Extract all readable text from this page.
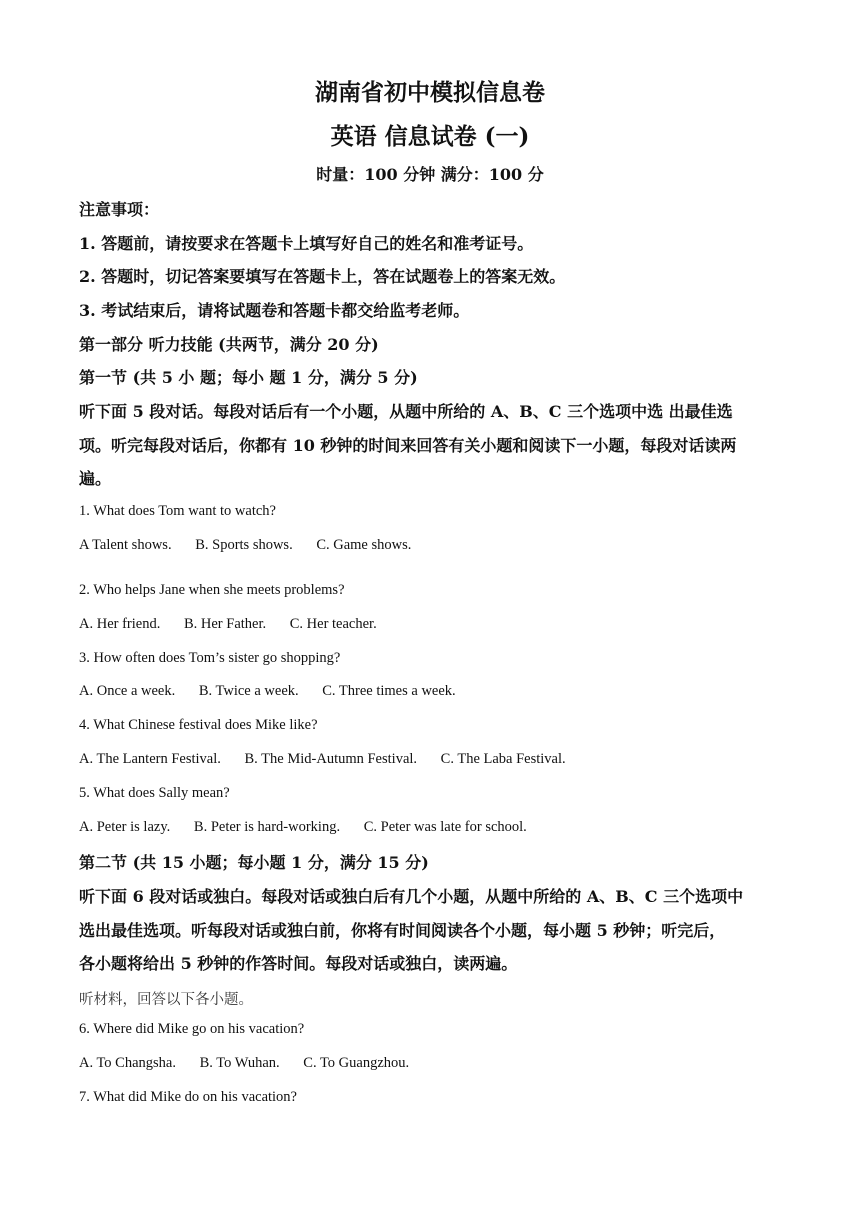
湖南省初中模拟信息卷
英语 信息试卷 (一)
时量：100 分钟 满分：100 分
注意事项：
1. 答题前，请按要求在答题卡上填写好自己的姓名和准考证号。
2. 答题时，切记答案要填写在答题卡上，答在试题卷上的答案无效。
3. 考试结束后，请将试题卷和答题卡都交给监考老师。
第一部分 听力技能 (共两节，满分 20 分)
第一节 (共 5 小 题；每小 题 1 分，满分 5 分)
听下面 5 段对话。每段对话后有一个小题，从题中所给的 A、B、C 三个选项中选 出最佳选
项。听完每段对话后，你都有 10 秒钟的时间来回答有关小题和阅读下一小题，每段对话读两
遍。
1. What does Tom want to watch?
A Talent shows. B. Sports shows. C. Game shows.
2. Who helps Jane when she meets problems?
A. Her friend. B. Her Father. C. Her teacher.
3. How often does Tom’s sister go shopping?
A. Once a week. B. Twice a week. C. Three times a week.
4. What Chinese festival does Mike like?
A. The Lantern Festival. B. The Mid-Autumn Festival. C. The Laba Festival.
5. What does Sally mean?
A. Peter is lazy. B. Peter is hard-working. C. Peter was late for school.
第二节 (共 15 小题；每小题 1 分，满分 15 分)
听下面 6 段对话或独白。每段对话或独白后有几个小题，从题中所给的 A、B、C 三个选项中
选出最佳选项。听每段对话或独白前，你将有时间阅读各个小题，每小题 5 秒钟；听完后，
各小题将给出 5 秒钟的作答时间。每段对话或独白，读两遍。
听材料，回答以下各小题。
6. Where did Mike go on his vacation?
A. To Changsha. B. To Wuhan. C. To Guangzhou.
7. What did Mike do on his vacation?
